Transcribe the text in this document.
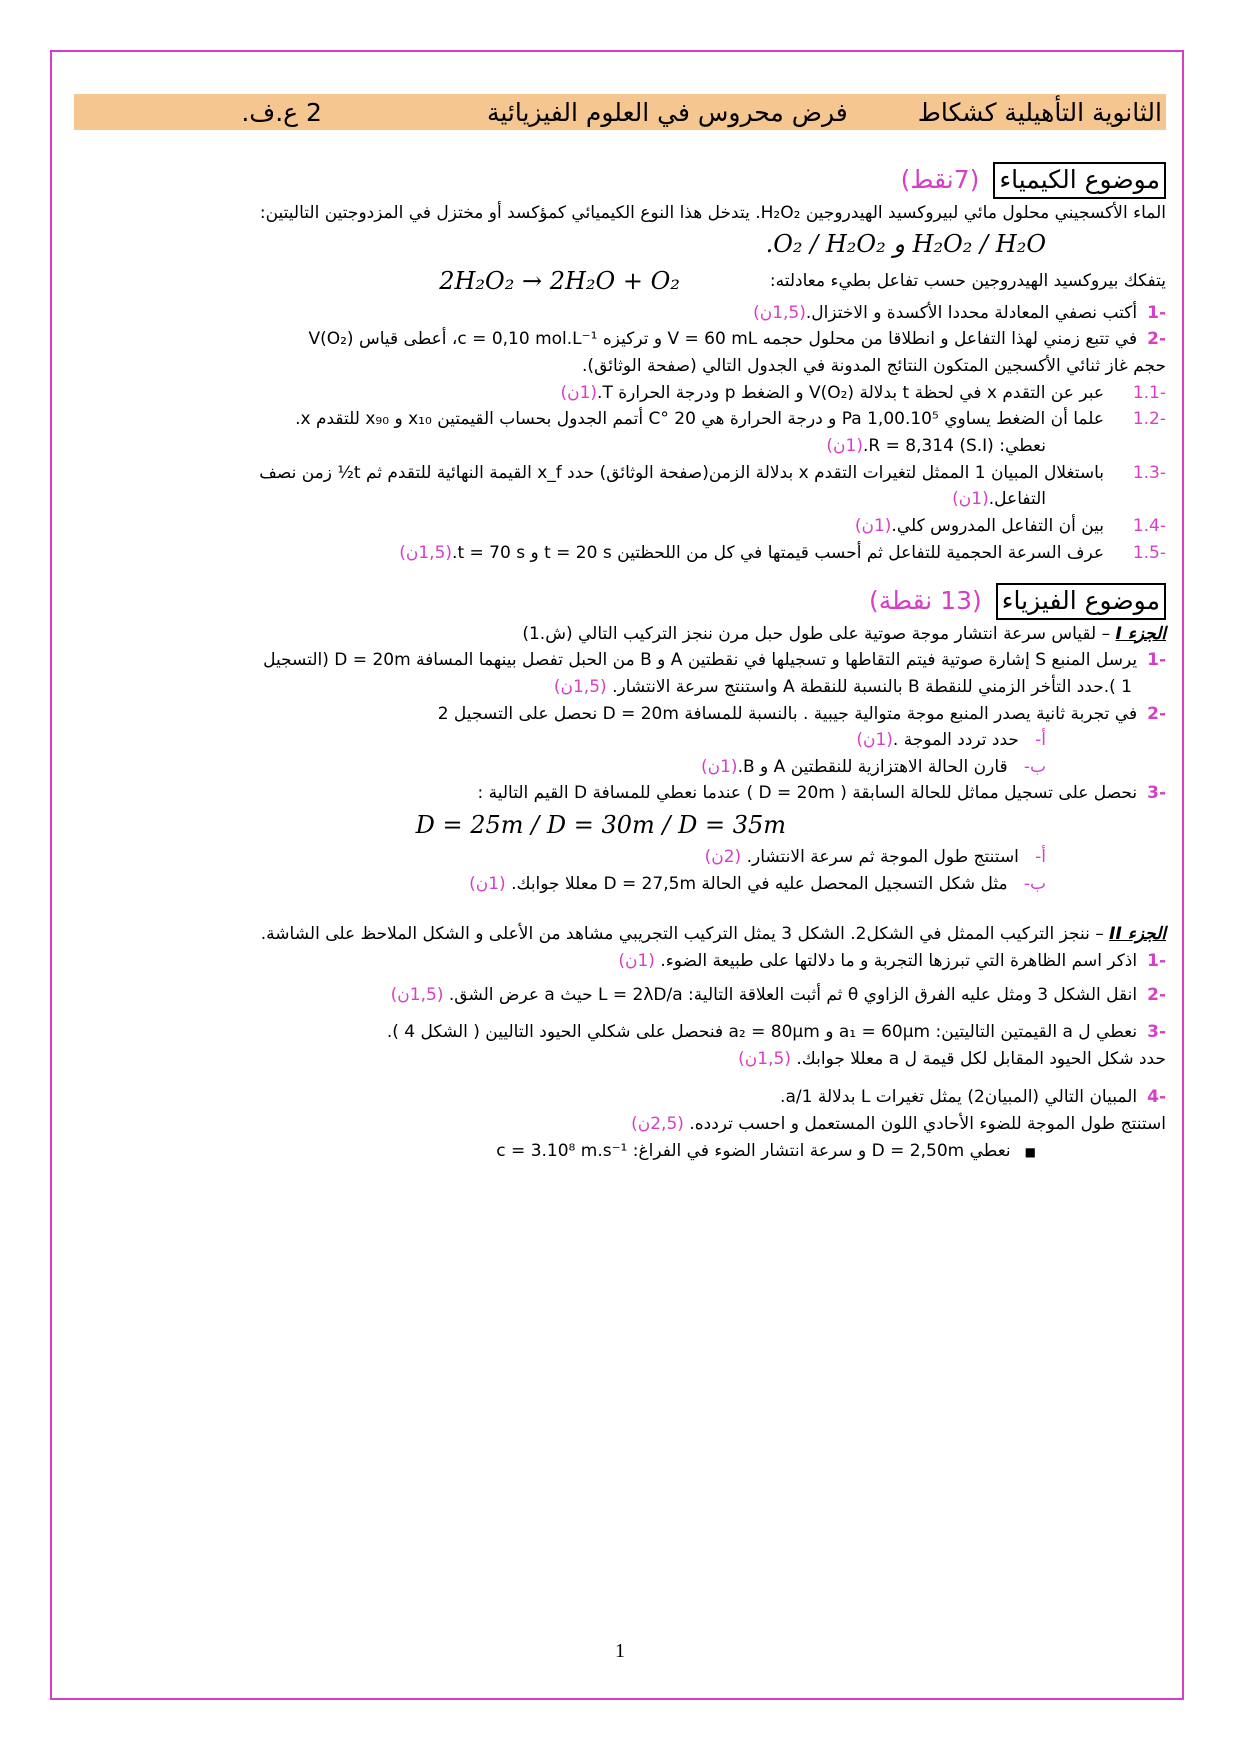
الثانوية التأهيلية كشكاط
فرض محروس في العلوم الفيزيائية
2 ع.ف.
موضوع الكيمياء
(7نقط)
الماء الأكسجيني محلول مائي لبيروكسيد الهيدروجين H₂O₂. يتدخل هذا النوع الكيميائي كمؤكسد أو مختزل في المزدوجتين التاليتين:
.O₂ / H₂O₂ و H₂O₂ / H₂O
يتفكك بيروكسيد الهيدروجين حسب تفاعل بطيء معادلته:
2H₂O₂ → 2H₂O + O₂
-1أكتب نصفي المعادلة محددا الأكسدة و الاختزال.(1,5ن)
-2في تتبع زمني لهذا التفاعل و انطلاقا من محلول حجمه V = 60 mL و تركيزه c = 0,10 mol.L⁻¹، أعطى قياس V(O₂)
حجم غاز ثنائي الأكسجين المتكون النتائج المدونة في الجدول التالي (صفحة الوثائق).
-1.1عبر عن التقدم x في لحظة t بدلالة V(O₂) و الضغط p ودرجة الحرارة T.(1ن)
-1.2علما أن الضغط يساوي 1,00.10⁵ Pa و درجة الحرارة هي 20 °C أتمم الجدول بحساب القيمتين x₁₀ و x₉₀ للتقدم x.
نعطي: R = 8,314 (S.I).(1ن)
-1.3باستغلال المبيان 1 الممثل لتغيرات التقدم x بدلالة الزمن(صفحة الوثائق) حدد x_f القيمة النهائية للتقدم ثم t½ زمن نصف
التفاعل.(1ن)
-1.4بين أن التفاعل المدروس كلي.(1ن)
-1.5عرف السرعة الحجمية للتفاعل ثم أحسب قيمتها في كل من اللحظتين t = 20 s و t = 70 s.(1,5ن)
موضوع الفيزياء
(13 نقطة)
الجزء I – لقياس سرعة انتشار موجة صوتية على طول حبل مرن ننجز التركيب التالي (ش.1)
-1يرسل المنبع S إشارة صوتية فيتم التقاطها و تسجيلها في نقطتين A و B من الحبل تفصل بينهما المسافة D = 20m (التسجيل
1 ).حدد التأخر الزمني للنقطة B بالنسبة للنقطة A واستنتج سرعة الانتشار. (1,5ن)
-2في تجربة ثانية يصدر المنبع موجة متوالية جيبية . بالنسبة للمسافة D = 20m نحصل على التسجيل 2
أ-   حدد تردد الموجة .(1ن)
ب-   قارن الحالة الاهتزازية للنقطتين A و B.(1ن)
-3نحصل على تسجيل مماثل للحالة السابقة ( D = 20m ) عندما نعطي للمسافة D القيم التالية :
D = 25m / D = 30m / D = 35m
أ-   استنتج طول الموجة ثم سرعة الانتشار. (2ن)
ب-   مثل شكل التسجيل المحصل عليه في الحالة D = 27,5m معللا جوابك. (1ن)
الجزء II – ننجز التركيب الممثل في الشكل2. الشكل 3 يمثل التركيب التجريبي مشاهد من الأعلى و الشكل الملاحظ على الشاشة.
-1اذكر اسم الظاهرة التي تبرزها التجربة و ما دلالتها على طبيعة الضوء. (1ن)
-2انقل الشكل 3 ومثل عليه الفرق الزاوي θ ثم أثبت العلاقة التالية: L = 2λD/a حيث a عرض الشق. (1,5ن)
-3نعطي ل a القيمتين التاليتين: a₁ = 60µm و a₂ = 80µm فنحصل على شكلي الحيود التاليين ( الشكل 4 ).
حدد شكل الحيود المقابل لكل قيمة ل a معللا جوابك. (1,5ن)
-4المبيان التالي (المبيان2) يمثل تغيرات L بدلالة 1/a.
استنتج طول الموجة للضوء الأحادي اللون المستعمل و احسب تردده. (2,5ن)
■نعطي D = 2,50m و سرعة انتشار الضوء في الفراغ: c = 3.10⁸ m.s⁻¹
1
